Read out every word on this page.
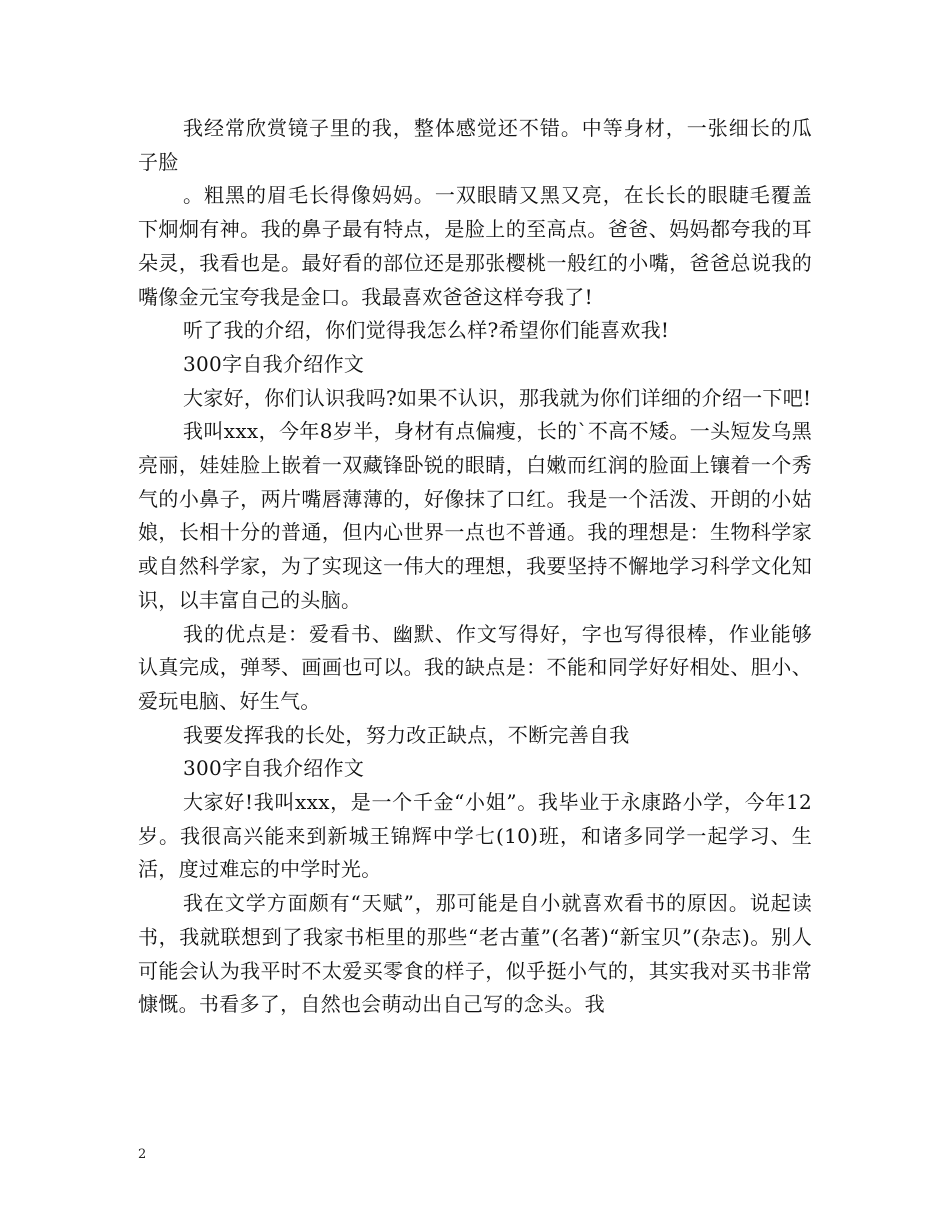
我经常欣赏镜子里的我，整体感觉还不错。中等身材，一张细长的瓜子脸

。粗黑的眉毛长得像妈妈。一双眼睛又黑又亮，在长长的眼睫毛覆盖下炯炯有神。我的鼻子最有特点，是脸上的至高点。爸爸、妈妈都夸我的耳朵灵，我看也是。最好看的部位还是那张樱桃一般红的小嘴，爸爸总说我的嘴像金元宝夸我是金口。我最喜欢爸爸这样夸我了!

听了我的介绍，你们觉得我怎么样?希望你们能喜欢我!

300字自我介绍作文

大家好，你们认识我吗?如果不认识，那我就为你们详细的介绍一下吧!

我叫xxx，今年8岁半，身材有点偏瘦，长的`不高不矮。一头短发乌黑亮丽，娃娃脸上嵌着一双藏锋卧锐的眼睛，白嫩而红润的脸面上镶着一个秀气的小鼻子，两片嘴唇薄薄的，好像抹了口红。我是一个活泼、开朗的小姑娘，长相十分的普通，但内心世界一点也不普通。我的理想是：生物科学家或自然科学家，为了实现这一伟大的理想，我要坚持不懈地学习科学文化知识，以丰富自己的头脑。

我的优点是：爱看书、幽默、作文写得好，字也写得很棒，作业能够认真完成，弹琴、画画也可以。我的缺点是：不能和同学好好相处、胆小、爱玩电脑、好生气。

我要发挥我的长处，努力改正缺点，不断完善自我

300字自我介绍作文

大家好!我叫xxx，是一个千金“小姐”。我毕业于永康路小学，今年12岁。我很高兴能来到新城王锦辉中学七(10)班，和诸多同学一起学习、生活，度过难忘的中学时光。

我在文学方面颇有“天赋”，那可能是自小就喜欢看书的原因。说起读书，我就联想到了我家书柜里的那些“老古董”(名著)“新宝贝”(杂志)。别人可能会认为我平时不太爱买零食的样子，似乎挺小气的，其实我对买书非常慷慨。书看多了，自然也会萌动出自己写的念头。我

2
